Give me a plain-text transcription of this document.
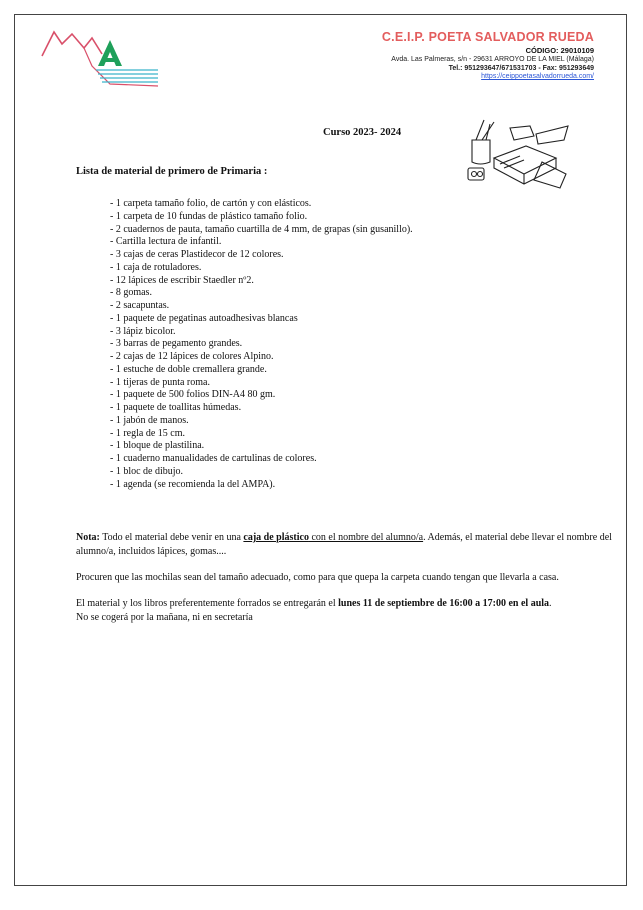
C.E.I.P. POETA SALVADOR RUEDA
CÓDIGO: 29010109
Avda. Las Palmeras, s/n - 29631 ARROYO DE LA MIEL (Málaga)
Tel.: 951293647/671531703 - Fax: 951293649
https://ceippoetasalvadorrueda.com/
Curso 2023- 2024
Lista de material de primero de Primaria :
- 1 carpeta tamaño folio, de cartón y con elásticos.
- 1 carpeta de 10 fundas de plástico tamaño folio.
- 2 cuadernos de pauta, tamaño cuartilla de 4 mm, de grapas (sin gusanillo).
- Cartilla lectura de infantil.
- 3 cajas de ceras Plastidecor de 12 colores.
- 1 caja de rotuladores.
- 12 lápices de escribir Staedler nº2.
- 8 gomas.
- 2 sacapuntas.
- 1 paquete de pegatinas autoadhesivas blancas
- 3 lápiz bicolor.
- 3 barras de pegamento grandes.
- 2 cajas de 12 lápices de colores Alpino.
- 1 estuche de doble cremallera grande.
- 1 tijeras de punta roma.
- 1 paquete de 500 folios DIN-A4 80 gm.
- 1 paquete de toallitas húmedas.
- 1 jabón de manos.
- 1 regla de 15 cm.
- 1 bloque de plastilina.
- 1 cuaderno manualidades de cartulinas de colores.
- 1 bloc de dibujo.
- 1 agenda (se recomienda la del AMPA).
Nota: Todo el material debe venir en una caja de plástico con el nombre del alumno/a. Además, el material debe llevar el nombre del alumno/a, incluidos lápices, gomas....
Procuren que las mochilas sean del tamaño adecuado, como para que quepa la carpeta cuando tengan que llevarla a casa.
El material y los libros preferentemente forrados se entregarán el lunes 11 de septiembre de 16:00 a 17:00 en el aula.
No se cogerá por la mañana, ni en secretaría
